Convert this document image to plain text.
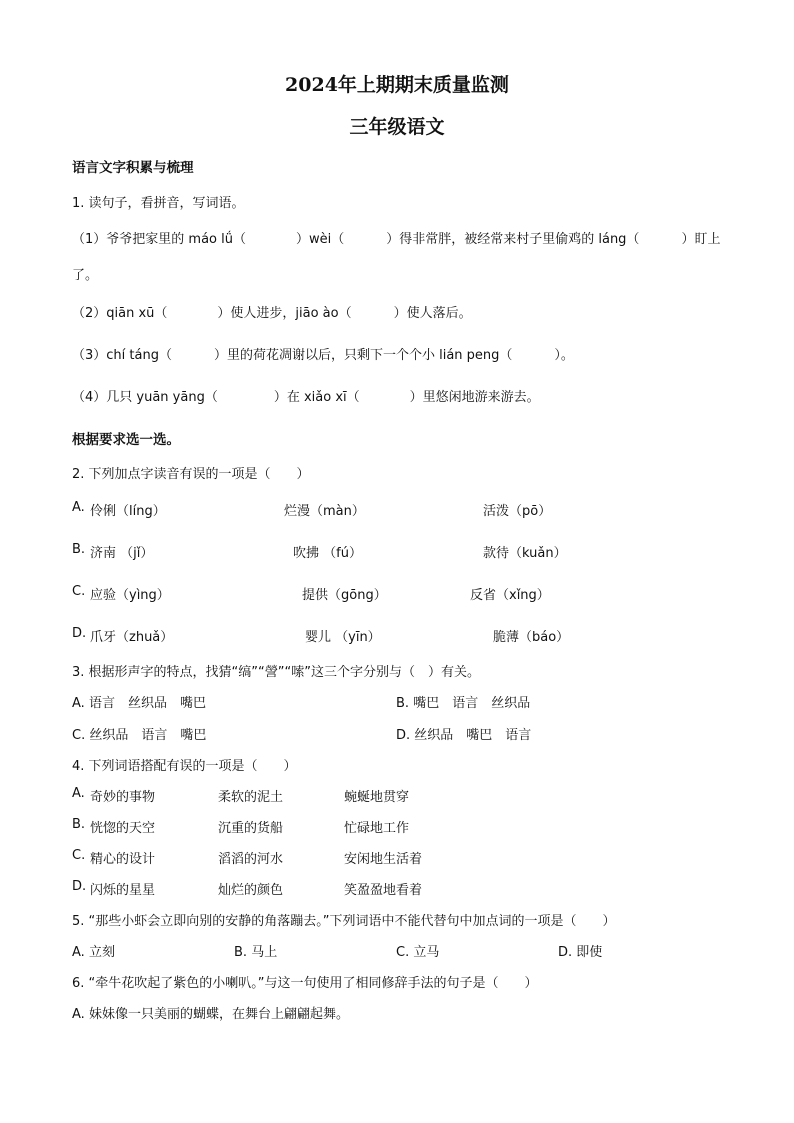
2024年上期期末质量监测
三年级语文
语言文字积累与梳理
1. 读句子，看拼音，写词语。
（1）爷爷把家里的 máo lǘ（	）wèi（	）得非常胖，被经常来村子里偷鸡的 láng（	）盯上了。
（2）qiān xū（	）使人进步，jiāo ào（	）使人落后。
（3）chí táng（	）里的荷花凋谢以后，只剩下一个个小 lián peng（	）。
（4）几只 yuān yāng（	）在 xiǎo xī（	）里悠闲地游来游去。
根据要求选一选。
2. 下列加点字读音有误的一项是（　　）
A. 伶俐（líng）	烂漫（màn）	活泼（pō）
B. 济南 （jǐ）	吹拂 （fú）	款待（kuǎn）
C. 应验（yìng）	提供（gōng）	反省（xǐng）
D. 爪牙（zhuǎ）	婴儿 （yīn）	脆薄（báo）
3. 根据形声字的特点，找猜“缟”“謍”“嗦”这三个字分别与（　）有关。
A. 语言　丝织品　嘴巴	B. 嘴巴　语言　丝织品
C. 丝织品　语言　嘴巴	D. 丝织品　嘴巴　语言
4. 下列词语搭配有误的一项是（　　）
A. 奇妙的事物	柔软的泥土	蜿蜒地贯穿
B. 恍惚的天空	沉重的货船	忙碌地工作
C. 精心的设计	滔滔的河水	安闲地生活着
D. 闪烁的星星	灿烂的颜色	笑盈盈地看着
5. “那些小虾会立即向别的安静的角落蹦去。”下列词语中不能代替句中加点词的一项是（　　）
A. 立刻	B. 马上	C. 立马	D. 即使
6. “牵牛花吹起了紫色的小喇叭。”与这一句使用了相同修辞手法的句子是（　　）
A. 妹妹像一只美丽的蝴蝶，在舞台上翩翩起舞。
